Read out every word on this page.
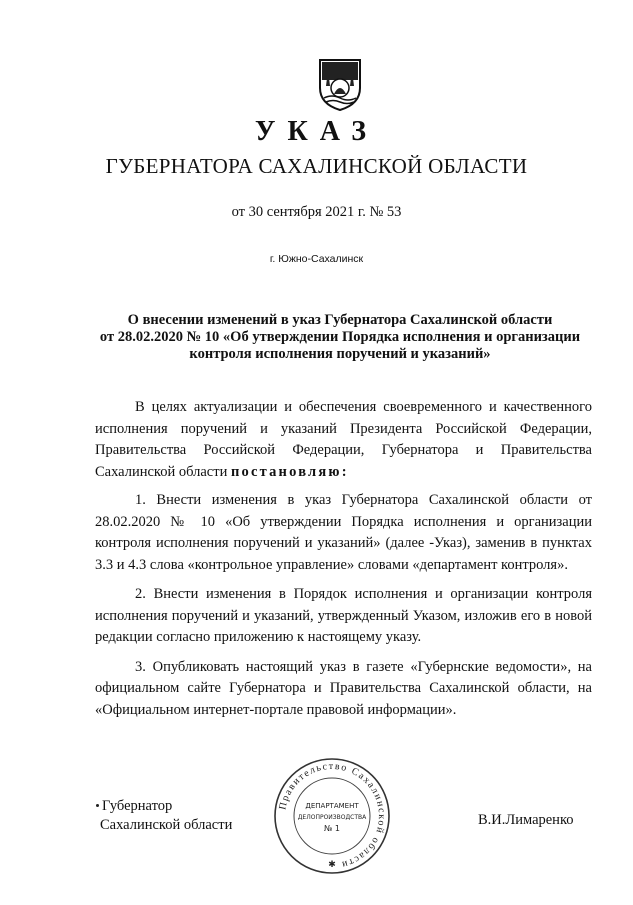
УКАЗ
ГУБЕРНАТОРА САХАЛИНСКОЙ ОБЛАСТИ
от 30 сентября 2021 г. № 53
г. Южно-Сахалинск
О внесении изменений в указ Губернатора Сахалинской области
от 28.02.2020 № 10 «Об утверждении Порядка исполнения и организации
контроля исполнения поручений и указаний»

В целях актуализации и обеспечения своевременного и качественного исполнения поручений и указаний Президента Российской Федерации, Правительства Российской Федерации, Губернатора и Правительства Сахалинской области постановляю:

1. Внести изменения в указ Губернатора Сахалинской области от 28.02.2020 № 10 «Об утверждении Порядка исполнения и организации контроля исполнения поручений и указаний» (далее -Указ), заменив в пунктах 3.3 и 4.3 слова «контрольное управление» словами «департамент контроля».

2. Внести изменения в Порядок исполнения и организации контроля исполнения поручений и указаний, утвержденный Указом, изложив его в новой редакции согласно приложению к настоящему указу.

3. Опубликовать настоящий указ в газете «Губернские ведомости», на официальном сайте Губернатора и Правительства Сахалинской области, на «Официальном интернет-портале правовой информации».

Губернатор
Сахалинской области
Правительство Сахалинской области
ДЕПАРТАМЕНТ
ДЕЛОПРОИЗВОДСТВА
№ 1
✱
В.И.Лимаренко
